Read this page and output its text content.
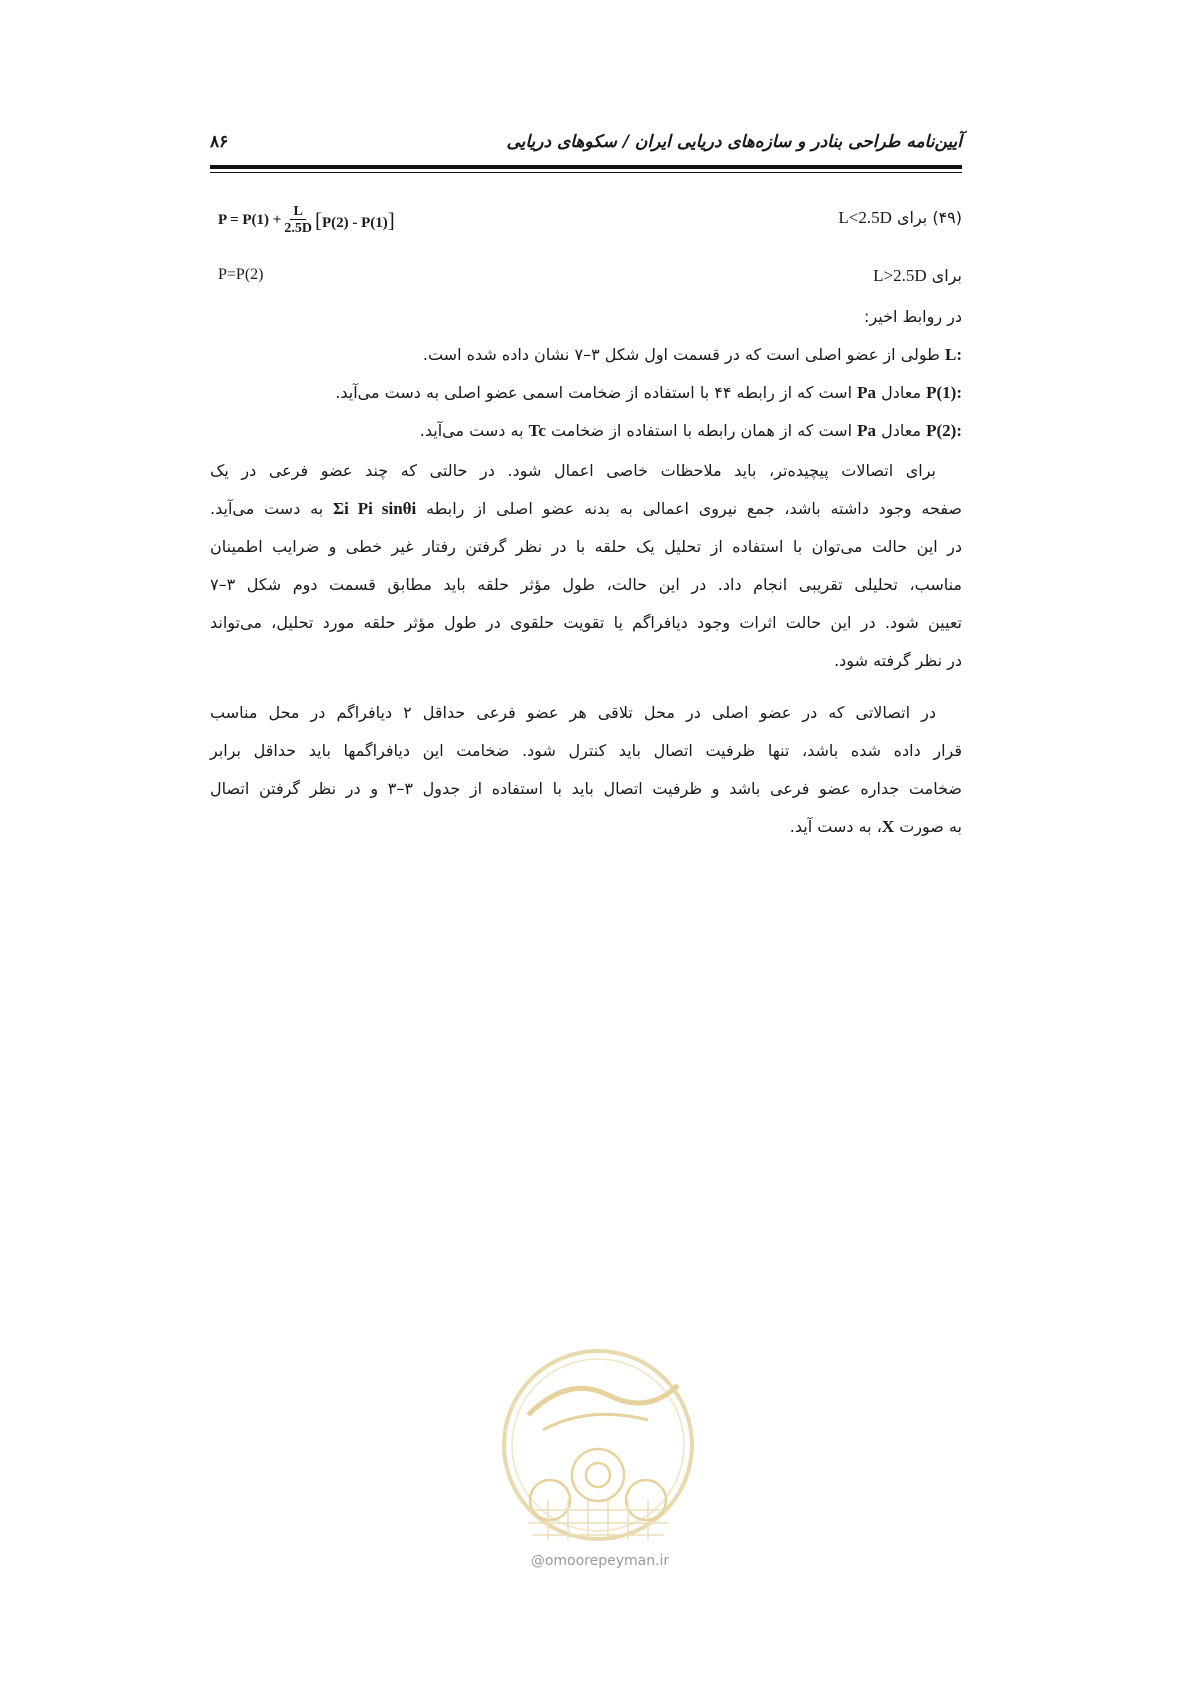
آیین‌نامه طراحی بنادر و سازه‌های دریایی ایران / سکوهای دریایی
۸۶
$P = P(1) + \frac{L}{2.5D} [P(2) - P(1)]$	(۴۹) برای L<2.5D
P=P(2)	برای L>2.5D
در روابط اخیر:
L: طولی از عضو اصلی است که در قسمت اول شکل ۳–۷ نشان داده شده است.
P(1): معادل Pa است که از رابطه ۴۴ با استفاده از ضخامت اسمی عضو اصلی به دست می‌آید.
P(2): معادل Pa است که از همان رابطه با استفاده از ضخامت Tc به دست می‌آید.
برای اتصالات پیچیده‌تر، باید ملاحظات خاصی اعمال شود. در حالتی که چند عضو فرعی در یک
صفحه وجود داشته باشد، جمع نیروی اعمالی به بدنه عضو اصلی از رابطه Σi Pi sinθi به دست می‌آید.
در این حالت می‌توان با استفاده از تحلیل یک حلقه با در نظر گرفتن رفتار غیر خطی و ضرایب اطمینان
مناسب، تحلیلی تقریبی انجام داد. در این حالت، طول مؤثر حلقه باید مطابق قسمت دوم شکل ۳–۷
تعیین شود. در این حالت اثرات وجود دیافراگم یا تقویت حلقوی در طول مؤثر حلقه مورد تحلیل، می‌تواند
در نظر گرفته شود.
در اتصالاتی که در عضو اصلی در محل تلاقی هر عضو فرعی حداقل ۲ دیافراگم در محل مناسب
قرار داده شده باشد، تنها ظرفیت اتصال باید کنترل شود. ضخامت این دیافراگمها باید حداقل برابر
ضخامت جداره عضو فرعی باشد و ظرفیت اتصال باید با استفاده از جدول ۳–۳ و در نظر گرفتن اتصال
به صورت X، به دست آید.
@omoorepeyman.ir
